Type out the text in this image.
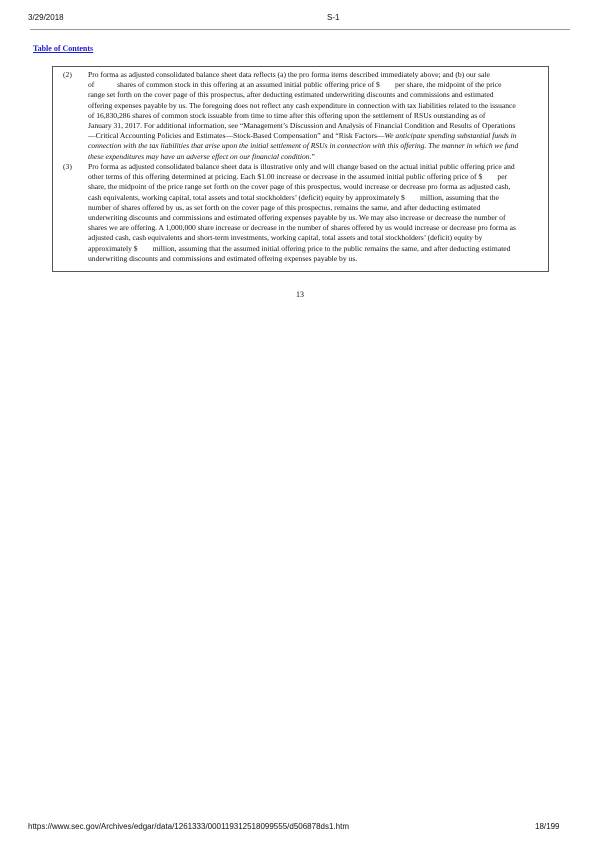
3/29/2018	S-1
Table of Contents
(2)	Pro forma as adjusted consolidated balance sheet data reflects (a) the pro forma items described immediately above; and (b) our sale
of            shares of common stock in this offering at an assumed initial public offering price of $        per share, the midpoint of the price
range set forth on the cover page of this prospectus, after deducting estimated underwriting discounts and commissions and estimated
offering expenses payable by us. The foregoing does not reflect any cash expenditure in connection with tax liabilities related to the issuance
of 16,830,286 shares of common stock issuable from time to time after this offering upon the settlement of RSUs outstanding as of
January 31, 2017. For additional information, see “Management’s Discussion and Analysis of Financial Condition and Results of Operations
—Critical Accounting Policies and Estimates—Stock-Based Compensation” and “Risk Factors—We anticipate spending substantial funds in
connection with the tax liabilities that arise upon the initial settlement of RSUs in connection with this offering. The manner in which we fund
these expenditures may have an adverse effect on our financial condition.”
(3)	Pro forma as adjusted consolidated balance sheet data is illustrative only and will change based on the actual initial public offering price and
other terms of this offering determined at pricing. Each $1.00 increase or decrease in the assumed initial public offering price of $        per
share, the midpoint of the price range set forth on the cover page of this prospectus, would increase or decrease pro forma as adjusted cash,
cash equivalents, working capital, total assets and total stockholders’ (deficit) equity by approximately $        million, assuming that the
number of shares offered by us, as set forth on the cover page of this prospectus, remains the same, and after deducting estimated
underwriting discounts and commissions and estimated offering expenses payable by us. We may also increase or decrease the number of
shares we are offering. A 1,000,000 share increase or decrease in the number of shares offered by us would increase or decrease pro forma as
adjusted cash, cash equivalents and short-term investments, working capital, total assets and total stockholders’ (deficit) equity by
approximately $        million, assuming that the assumed initial offering price to the public remains the same, and after deducting estimated
underwriting discounts and commissions and estimated offering expenses payable by us.
13
https://www.sec.gov/Archives/edgar/data/1261333/000119312518099555/d506878ds1.htm	18/199
